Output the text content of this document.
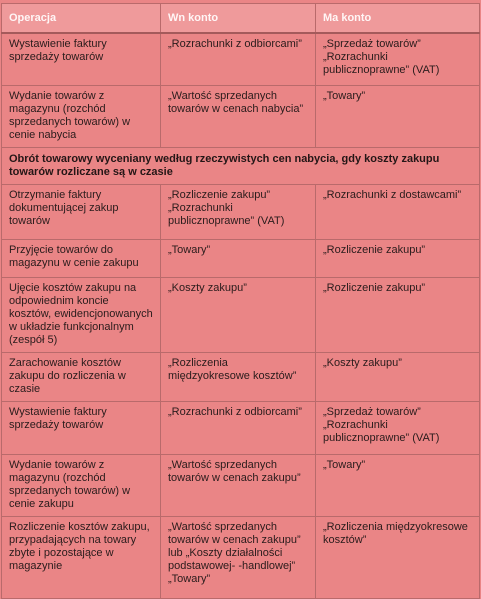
Operacja	Wn konto	Ma konto
Wystawienie faktury sprzedaży towarów	„Rozrachunki z odbiorcami”	„Sprzedaż towarów” „Rozrachunki publicznoprawne” (VAT)
Wydanie towarów z magazynu (rozchód sprzedanych towarów) w cenie nabycia	„Wartość sprzedanych towarów w cenach nabycia”	„Towary”
Obrót towarowy wyceniany według rzeczywistych cen nabycia, gdy koszty zakupu towarów rozliczane są w czasie		
Otrzymanie faktury dokumentującej zakup towarów	„Rozliczenie zakupu” „Rozrachunki publicznoprawne” (VAT)	„Rozrachunki z dostawcami”
Przyjęcie towarów do magazynu w cenie zakupu	„Towary”	„Rozliczenie zakupu”
Ujęcie kosztów zakupu na odpowiednim koncie kosztów, ewidencjonowanych w układzie funkcjonalnym (zespół 5)	„Koszty zakupu”	„Rozliczenie zakupu”
Zarachowanie kosztów zakupu do rozliczenia w czasie	„Rozliczenia międzyokresowe kosztów”	„Koszty zakupu”
Wystawienie faktury sprzedaży towarów	„Rozrachunki z odbiorcami”	„Sprzedaż towarów” „Rozrachunki publicznoprawne” (VAT)
Wydanie towarów z magazynu (rozchód sprzedanych towarów) w cenie zakupu	„Wartość sprzedanych towarów w cenach zakupu”	„Towary”
Rozliczenie kosztów zakupu, przypadających na towary zbyte i pozostające w magazynie	„Wartość sprzedanych towarów w cenach zakupu” lub „Koszty działalności podstawowej- -handlowej” „Towary”	„Rozliczenia międzyokresowe kosztów”
